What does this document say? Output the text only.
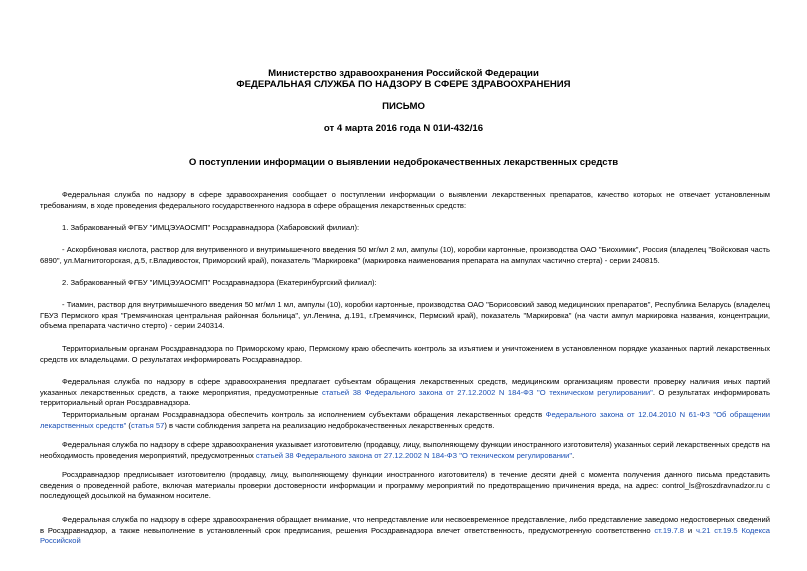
Министерство здравоохранения Российской Федерации
ФЕДЕРАЛЬНАЯ СЛУЖБА ПО НАДЗОРУ В СФЕРЕ ЗДРАВООХРАНЕНИЯ
ПИСЬМО
от 4 марта 2016 года N 01И-432/16
О поступлении информации о выявлении недоброкачественных лекарственных средств

Федеральная служба по надзору в сфере здравоохранения сообщает о поступлении информации о выявлении лекарственных препаратов, качество которых не отвечает установленным требованиям, в ходе проведения федерального государственного надзора в сфере обращения лекарственных средств:

1. Забракованный ФГБУ "ИМЦЭУАОСМП" Росздравнадзора (Хабаровский филиал):

- Аскорбиновая кислота, раствор для внутривенного и внутримышечного введения 50 мг/мл 2 мл, ампулы (10), коробки картонные, производства ОАО "Биохимик", Россия (владелец "Войсковая часть 6890", ул.Магнитогорская, д.5, г.Владивосток, Приморский край), показатель "Маркировка" (маркировка наименования препарата на ампулах частично стерта) - серии 240815.

2. Забракованный ФГБУ "ИМЦЭУАОСМП" Росздравнадзора (Екатеринбургский филиал):

- Тиамин, раствор для внутримышечного введения 50 мг/мл 1 мл, ампулы (10), коробки картонные, производства ОАО "Борисовский завод медицинских препаратов", Республика Беларусь (владелец ГБУЗ Пермского края "Гремячинская центральная районная больница", ул.Ленина, д.191, г.Гремячинск, Пермский край), показатель "Маркировка" (на части ампул маркировка названия, концентрации, объема препарата частично стерто) - серии 240314.

Территориальным органам Росздравнадзора по Приморскому краю, Пермскому краю обеспечить контроль за изъятием и уничтожением в установленном порядке указанных партий лекарственных средств их владельцами. О результатах информировать Росздравнадзор.

Федеральная служба по надзору в сфере здравоохранения предлагает субъектам обращения лекарственных средств, медицинским организациям провести проверку наличия иных партий указанных лекарственных средств, а также мероприятия, предусмотренные статьей 38 Федерального закона от 27.12.2002 N 184-ФЗ "О техническом регулировании". О результатах информировать территориальный орган Росздравнадзора.

Территориальным органам Росздравнадзора обеспечить контроль за исполнением субъектами обращения лекарственных средств Федерального закона от 12.04.2010 N 61-ФЗ "Об обращении лекарственных средств" (статья 57) в части соблюдения запрета на реализацию недоброкачественных лекарственных средств.

Федеральная служба по надзору в сфере здравоохранения указывает изготовителю (продавцу, лицу, выполняющему функции иностранного изготовителя) указанных серий лекарственных средств на необходимость проведения мероприятий, предусмотренных статьей 38 Федерального закона от 27.12.2002 N 184-ФЗ "О техническом регулировании".

Росздравнадзор предписывает изготовителю (продавцу, лицу, выполняющему функции иностранного изготовителя) в течение десяти дней с момента получения данного письма представить сведения о проведенной работе, включая материалы проверки достоверности информации и программу мероприятий по предотвращению причинения вреда, на адрес: control_ls@roszdravnadzor.ru с последующей досылкой на бумажном носителе.

Федеральная служба по надзору в сфере здравоохранения обращает внимание, что непредставление или несвоевременное представление, либо представление заведомо недостоверных сведений в Росздравнадзор, а также невыполнение в установленный срок предписания, решения Росздравнадзора влечет ответственность, предусмотренную соответственно ст.19.7.8 и ч.21 ст.19.5 Кодекса Российской
